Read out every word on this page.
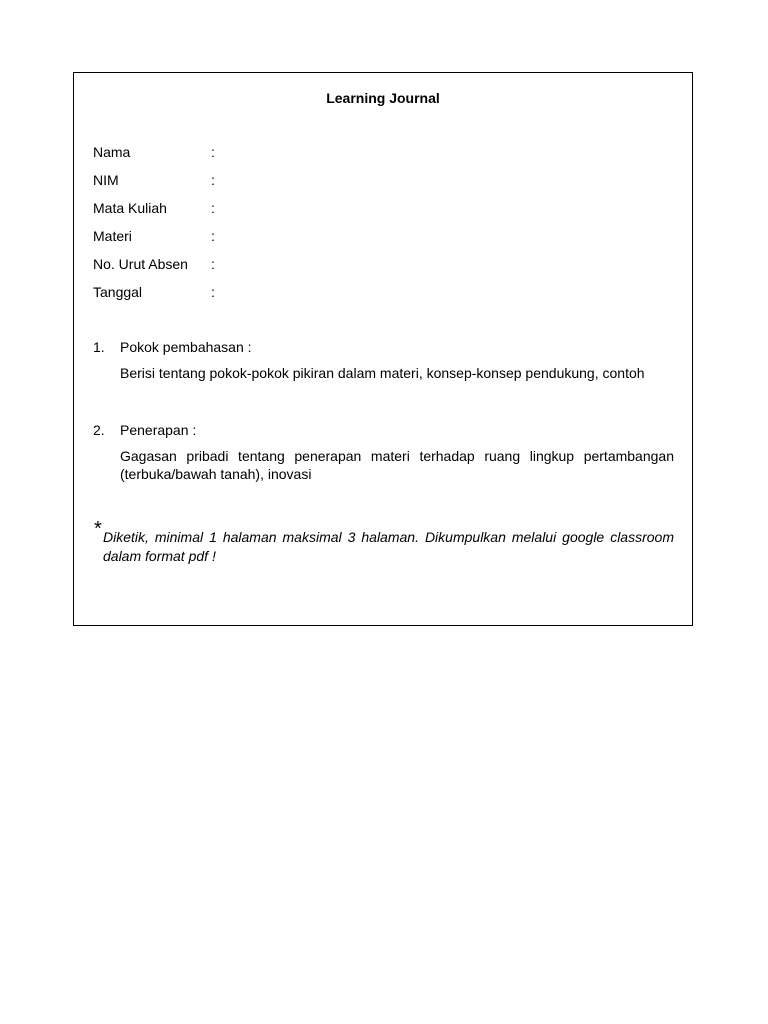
Learning Journal
Nama	:
NIM	:
Mata Kuliah	:
Materi	:
No. Urut Absen :
Tanggal	:
1. Pokok pembahasan :
Berisi tentang pokok-pokok pikiran dalam materi, konsep-konsep pendukung, contoh
2. Penerapan :
Gagasan pribadi tentang penerapan materi terhadap ruang lingkup pertambangan (terbuka/bawah tanah), inovasi
* Diketik, minimal 1 halaman maksimal 3 halaman. Dikumpulkan melalui google classroom dalam format pdf !
